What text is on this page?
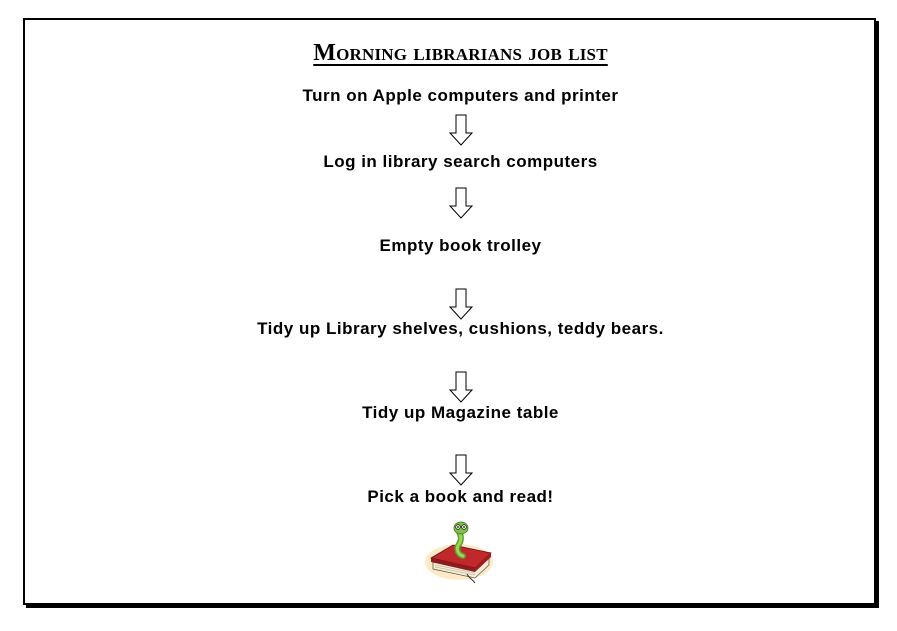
Morning librarians job list
Turn on Apple computers and printer
Log in library search computers
Empty book trolley
Tidy up Library shelves, cushions, teddy bears.
Tidy up Magazine table
Pick a book and read!
